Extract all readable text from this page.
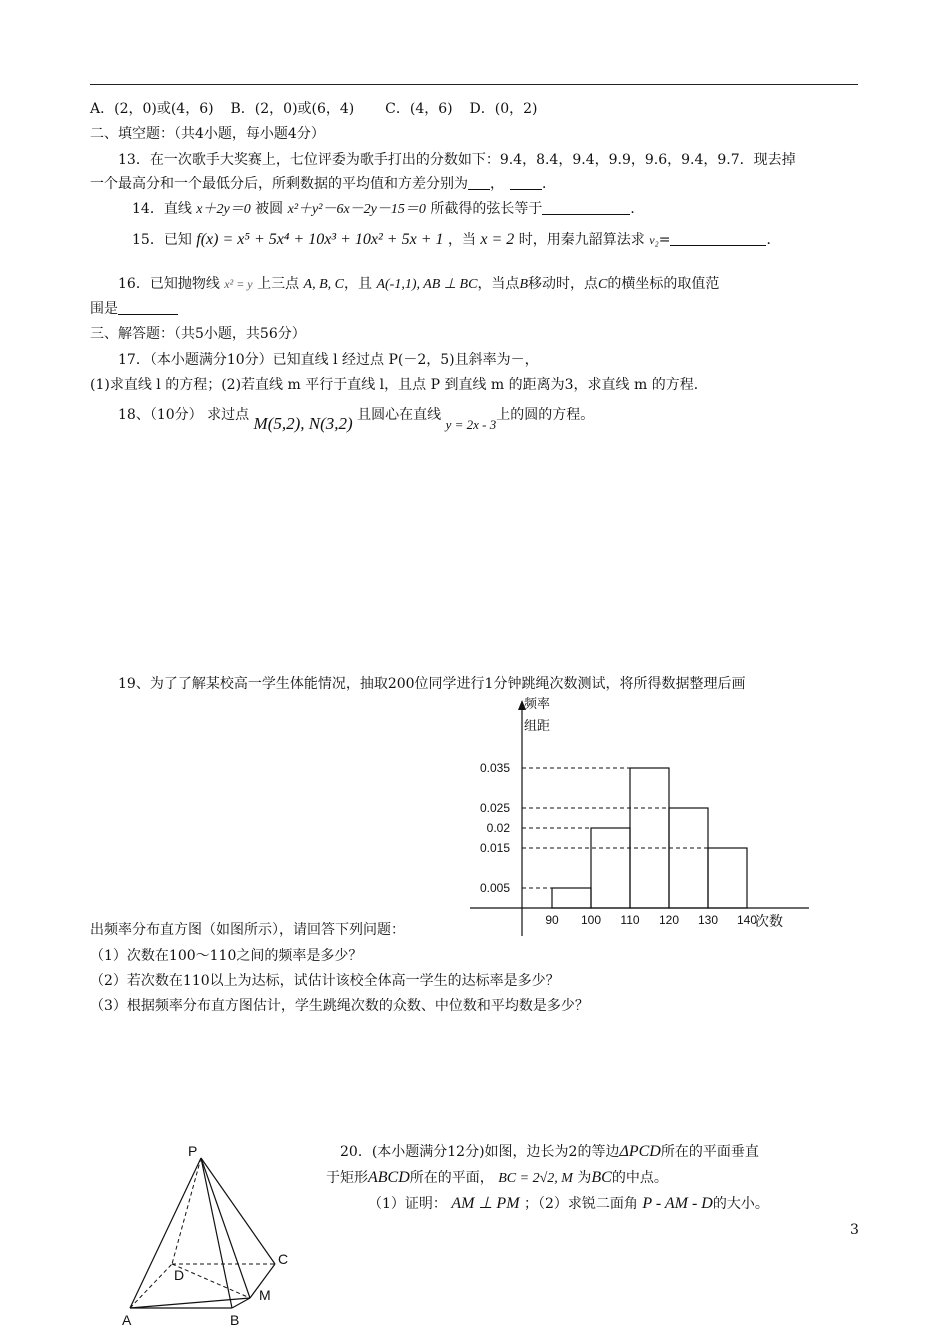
A．(2，0)或(4，6) B．(2，0)或(6，4) C．(4，6) D．(0，2)
二、填空题：（共4小题，每小题4分）
13．在一次歌手大奖赛上，七位评委为歌手打出的分数如下：9.4，8.4，9.4，9.9，9.6，9.4，9.7．现去掉
一个最高分和一个最低分后，所剩数据的平均值和方差分别为 ，	．
14．直线 x＋2y＝0 被圆 x²＋y²－6x－2y－15＝0 所截得的弦长等于	．
15．已知 f(x) = x⁵ + 5x⁴ + 10x³ + 10x² + 5x + 1 ，当 x = 2 时，用秦九韶算法求 v₂=	．
16．已知抛物线 x² = y 上三点 A, B, C，且 A(-1,1), AB ⊥ BC，当点B移动时，点C的横坐标的取值范
围是
三、解答题：（共5小题，共56分）
17．（本小题满分10分）已知直线 l 经过点 P(－2，5)且斜率为－，
(1)求直线 l 的方程；(2)若直线 m 平行于直线 l，且点 P 到直线 m 的距离为3，求直线 m 的方程．
18、（10分） 求过点 M(5,2), N(3,2) 且圆心在直线 y = 2x - 3上的圆的方程。
19、为了了解某校高一学生体能情况，抽取200位同学进行1分钟跳绳次数测试，将所得数据整理后画
频率
组距
0.035
0.025
0.02
0.015
0.005
90 100 110 120 130 140
次数
出频率分布直方图（如图所示），请回答下列问题：
（1）次数在100～110之间的频率是多少？
（2）若次数在110以上为达标，试估计该校全体高一学生的达标率是多少？
（3）根据频率分布直方图估计，学生跳绳次数的众数、中位数和平均数是多少？
20．(本小题满分12分)如图，边长为2的等边ΔPCD所在的平面垂直
于矩形ABCD所在的平面， BC = 2√2, M 为BC的中点。
（1）证明： AM ⊥ PM ；（2）求锐二面角 P - AM - D的大小。
P
C
D
M
A	B
3
